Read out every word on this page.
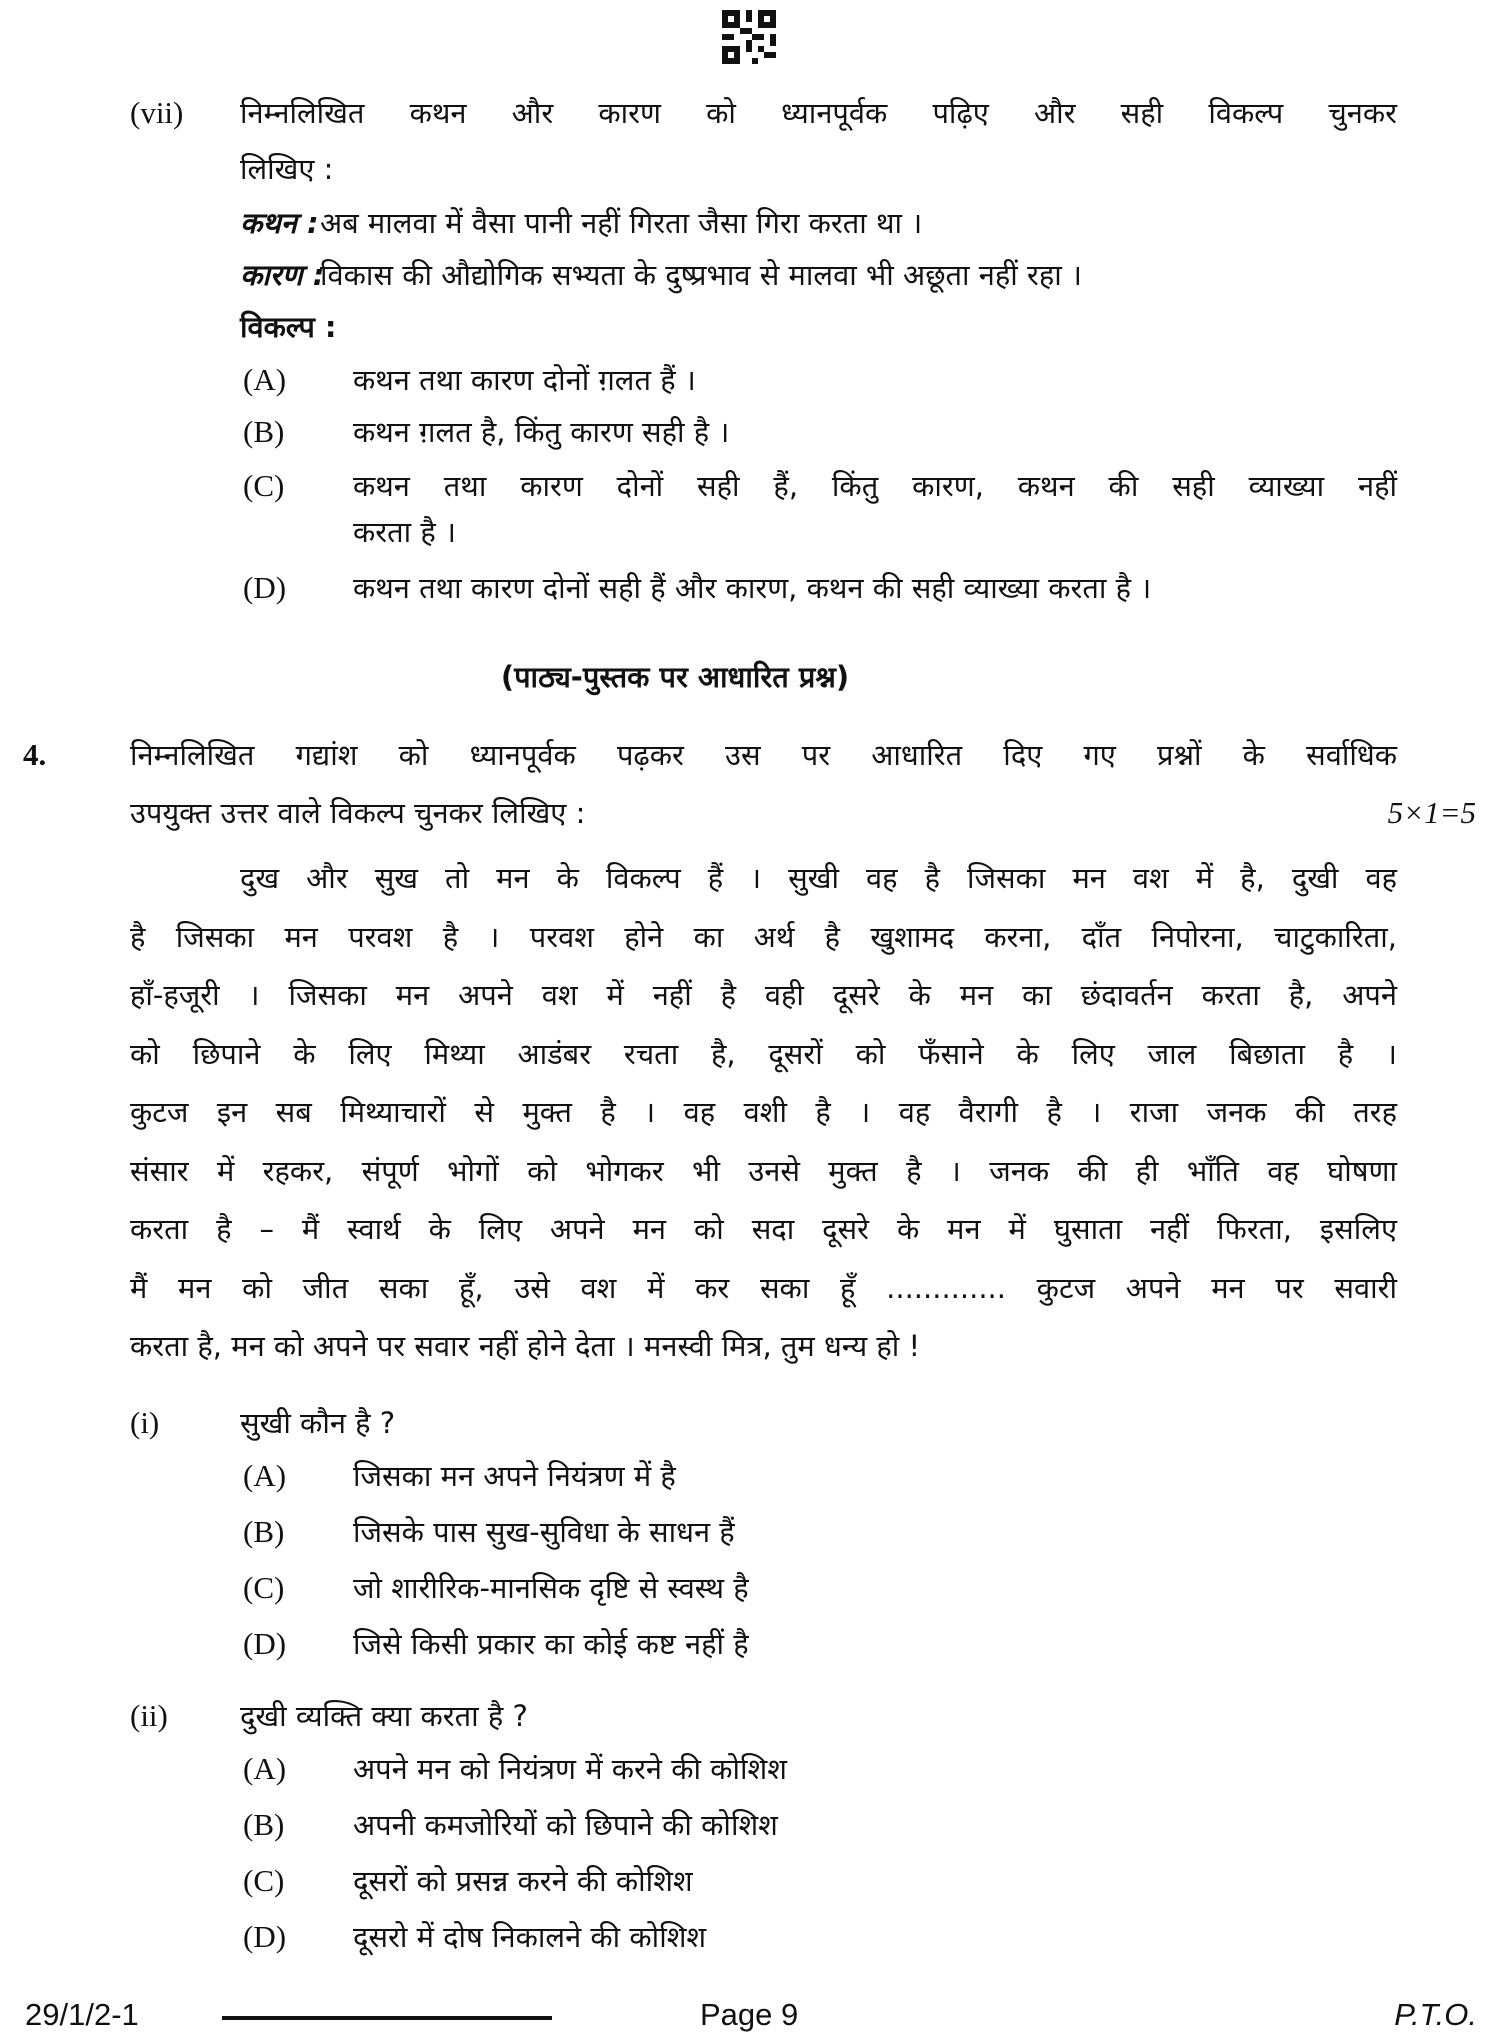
(vii) निम्नलिखित कथन और कारण को ध्यानपूर्वक पढ़िए और सही विकल्प चुनकर
लिखिए :
कथन : अब मालवा में वैसा पानी नहीं गिरता जैसा गिरा करता था ।
कारण :
विकास की औद्योगिक सभ्यता के दुष्प्रभाव से मालवा भी अछूता नहीं रहा ।
विकल्प :
(A) कथन तथा कारण दोनों ग़लत हैं ।
(B) कथन ग़लत है, किंतु कारण सही है ।
(C) कथन तथा कारण दोनों सही हैं, किंतु कारण, कथन की सही व्याख्या नहीं
करता है ।
(D) कथन तथा कारण दोनों सही हैं और कारण, कथन की सही व्याख्या करता है ।
(पाठ्य-पुस्तक पर आधारित प्रश्न)
4.	निम्नलिखित गद्यांश को ध्यानपूर्वक पढ़कर उस पर आधारित दिए गए प्रश्नों के सर्वाधिक
उपयुक्त उत्तर वाले विकल्प चुनकर लिखिए :	5×1=5
दुख और सुख तो मन के विकल्प हैं । सुखी वह है जिसका मन वश में है, दुखी वह
है जिसका मन परवश है । परवश होने का अर्थ है खुशामद करना, दाँत निपोरना, चाटुकारिता,
हाँ-हजूरी । जिसका मन अपने वश में नहीं है वही दूसरे के मन का छंदावर्तन करता है, अपने
को छिपाने के लिए मिथ्या आडंबर रचता है, दूसरों को फँसाने के लिए जाल बिछाता है ।
कुटज इन सब मिथ्याचारों से मुक्त है । वह वशी है । वह वैरागी है । राजा जनक की तरह
संसार में रहकर, संपूर्ण भोगों को भोगकर भी उनसे मुक्त है । जनक की ही भाँति वह घोषणा
करता है – मैं स्वार्थ के लिए अपने मन को सदा दूसरे के मन में घुसाता नहीं फिरता, इसलिए
मैं मन को जीत सका हूँ, उसे वश में कर सका हूँ ............. कुटज अपने मन पर सवारी
करता है, मन को अपने पर सवार नहीं होने देता । मनस्वी मित्र, तुम धन्य हो !
(i)	सुखी कौन है ?
(A) जिसका मन अपने नियंत्रण में है
(B) जिसके पास सुख-सुविधा के साधन हैं
(C) जो शारीरिक-मानसिक दृष्टि से स्वस्थ है
(D) जिसे किसी प्रकार का कोई कष्ट नहीं है
(ii) दुखी व्यक्ति क्या करता है ?
(A) अपने मन को नियंत्रण में करने की कोशिश
(B) अपनी कमजोरियों को छिपाने की कोशिश
(C) दूसरों को प्रसन्न करने की कोशिश
(D) दूसरो में दोष निकालने की कोशिश
29/1/2-1	Page 9	P.T.O.
